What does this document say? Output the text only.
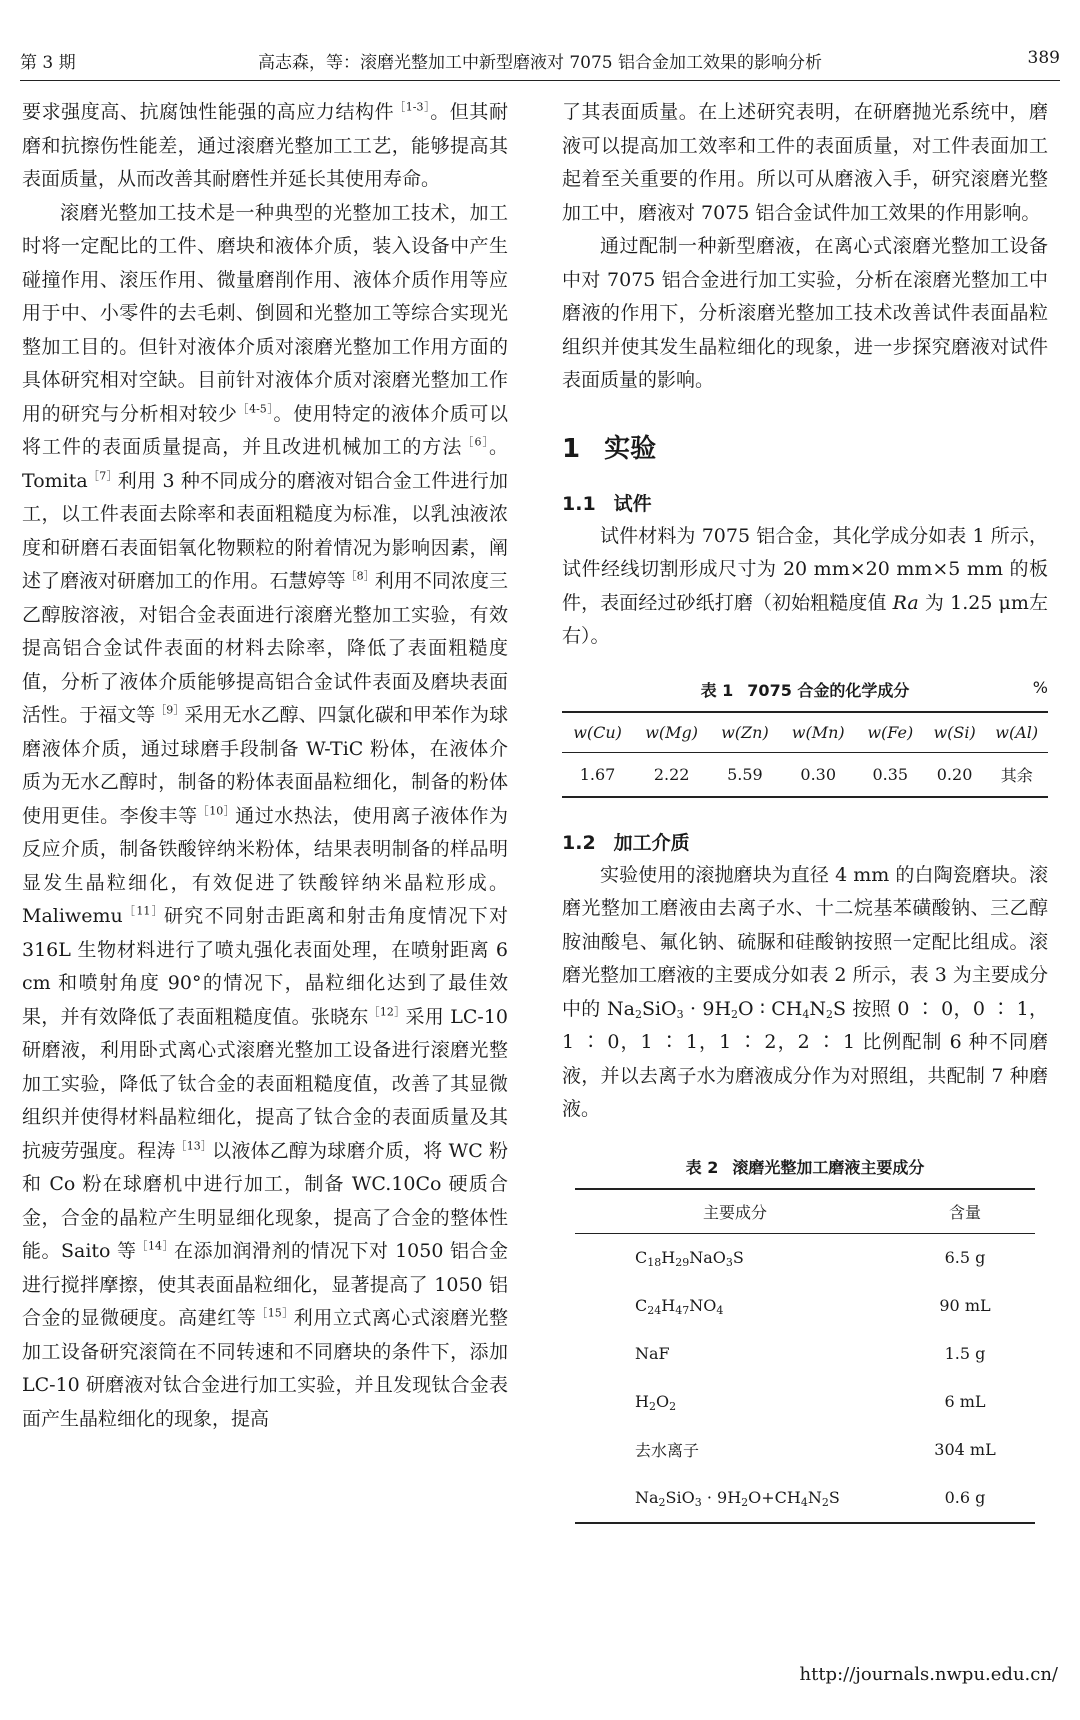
第 3 期	高志森，等：滚磨光整加工中新型磨液对 7075 铝合金加工效果的影响分析	389

要求强度高、抗腐蚀性能强的高应力结构件$^{[1-3]}$。但其耐磨和抗擦伤性能差，通过滚磨光整加工工艺，能够提高其表面质量，从而改善其耐磨性并延长其使用寿命。

滚磨光整加工技术是一种典型的光整加工技术，加工时将一定配比的工件、磨块和液体介质，装入设备中产生碰撞作用、滚压作用、微量磨削作用、液体介质作用等应用于中、小零件的去毛刺、倒圆和光整加工等综合实现光整加工目的。但针对液体介质对滚磨光整加工作用方面的具体研究相对空缺。目前针对液体介质对滚磨光整加工作用的研究与分析相对较少$^{[4-5]}$。使用特定的液体介质可以将工件的表面质量提高，并且改进机械加工的方法$^{[6]}$。Tomita$^{[7]}$利用 3 种不同成分的磨液对铝合金工件进行加工，以工件表面去除率和表面粗糙度为标准，以乳浊液浓度和研磨石表面铝氧化物颗粒的附着情况为影响因素，阐述了磨液对研磨加工的作用。石慧婷等$^{[8]}$利用不同浓度三乙醇胺溶液，对铝合金表面进行滚磨光整加工实验，有效提高铝合金试件表面的材料去除率，降低了表面粗糙度值，分析了液体介质能够提高铝合金试件表面及磨块表面活性。于福文等$^{[9]}$采用无水乙醇、四氯化碳和甲苯作为球磨液体介质，通过球磨手段制备 W-TiC 粉体，在液体介质为无水乙醇时，制备的粉体表面晶粒细化，制备的粉体使用更佳。李俊丰等$^{[10]}$通过水热法，使用离子液体作为反应介质，制备铁酸锌纳米粉体，结果表明制备的样品明显发生晶粒细化，有效促进了铁酸锌纳米晶粒形成。Maliwemu$^{[11]}$研究不同射击距离和射击角度情况下对 316L 生物材料进行了喷丸强化表面处理，在喷射距离 6 cm 和喷射角度 90°的情况下，晶粒细化达到了最佳效果，并有效降低了表面粗糙度值。张晓东$^{[12]}$采用 LC-10 研磨液，利用卧式离心式滚磨光整加工设备进行滚磨光整加工实验，降低了钛合金的表面粗糙度值，改善了其显微组织并使得材料晶粒细化，提高了钛合金的表面质量及其抗疲劳强度。程涛$^{[13]}$以液体乙醇为球磨介质，将 WC 粉和 Co 粉在球磨机中进行加工，制备 WC.10Co 硬质合金，合金的晶粒产生明显细化现象，提高了合金的整体性能。Saito 等$^{[14]}$在添加润滑剂的情况下对 1050 铝合金进行搅拌摩擦，使其表面晶粒细化，显著提高了 1050 铝合金的显微硬度。高建红等$^{[15]}$利用立式离心式滚磨光整加工设备研究滚筒在不同转速和不同磨块的条件下，添加 LC-10 研磨液对钛合金进行加工实验，并且发现钛合金表面产生晶粒细化的现象，提高

了其表面质量。在上述研究表明，在研磨抛光系统中，磨液可以提高加工效率和工件的表面质量，对工件表面加工起着至关重要的作用。所以可从磨液入手，研究滚磨光整加工中，磨液对 7075 铝合金试件加工效果的作用影响。

通过配制一种新型磨液，在离心式滚磨光整加工设备中对 7075 铝合金进行加工实验，分析在滚磨光整加工中磨液的作用下，分析滚磨光整加工技术改善试件表面晶粒组织并使其发生晶粒细化的现象，进一步探究磨液对试件表面质量的影响。

1 实验
1.1 试件

试件材料为 7075 铝合金，其化学成分如表 1 所示，试件经线切割形成尺寸为 20 mm×20 mm×5 mm 的板件，表面经过砂纸打磨（初始粗糙度值 Ra 为 1.25 μm左右）。

表 1 7075 合金的化学成分	%
w(Cu)	w(Mg)	w(Zn)	w(Mn)	w(Fe)	w(Si)	w(Al)
1.67	2.22	5.59	0.30	0.35	0.20	其余
1.2 加工介质

实验使用的滚抛磨块为直径 4 mm 的白陶瓷磨块。滚磨光整加工磨液由去离子水、十二烷基苯磺酸钠、三乙醇胺油酸皂、氟化钠、硫脲和硅酸钠按照一定配比组成。滚磨光整加工磨液的主要成分如表 2 所示，表 3 为主要成分中的 $Na_2SiO_3 \cdot 9H_2O$ ∶ $CH_4N_2S$ 按照 0 ∶ 0，0 ∶ 1，1 ∶ 0，1 ∶ 1，1 ∶ 2，2 ∶ 1 比例配制 6 种不同磨液，并以去离子水为磨液成分作为对照组，共配制 7 种磨液。

表 2 滚磨光整加工磨液主要成分
主要成分	含量
$C_{18}H_{29}NaO_3S$	6.5 g
$C_{24}H_{47}NO_4$	90 mL
NaF	1.5 g
$H_2O_2$	6 mL
去水离子	304 mL
$Na_2SiO_3 \cdot 9H_2O+CH_4N_2S$	0.6 g
http://journals.nwpu.edu.cn/
